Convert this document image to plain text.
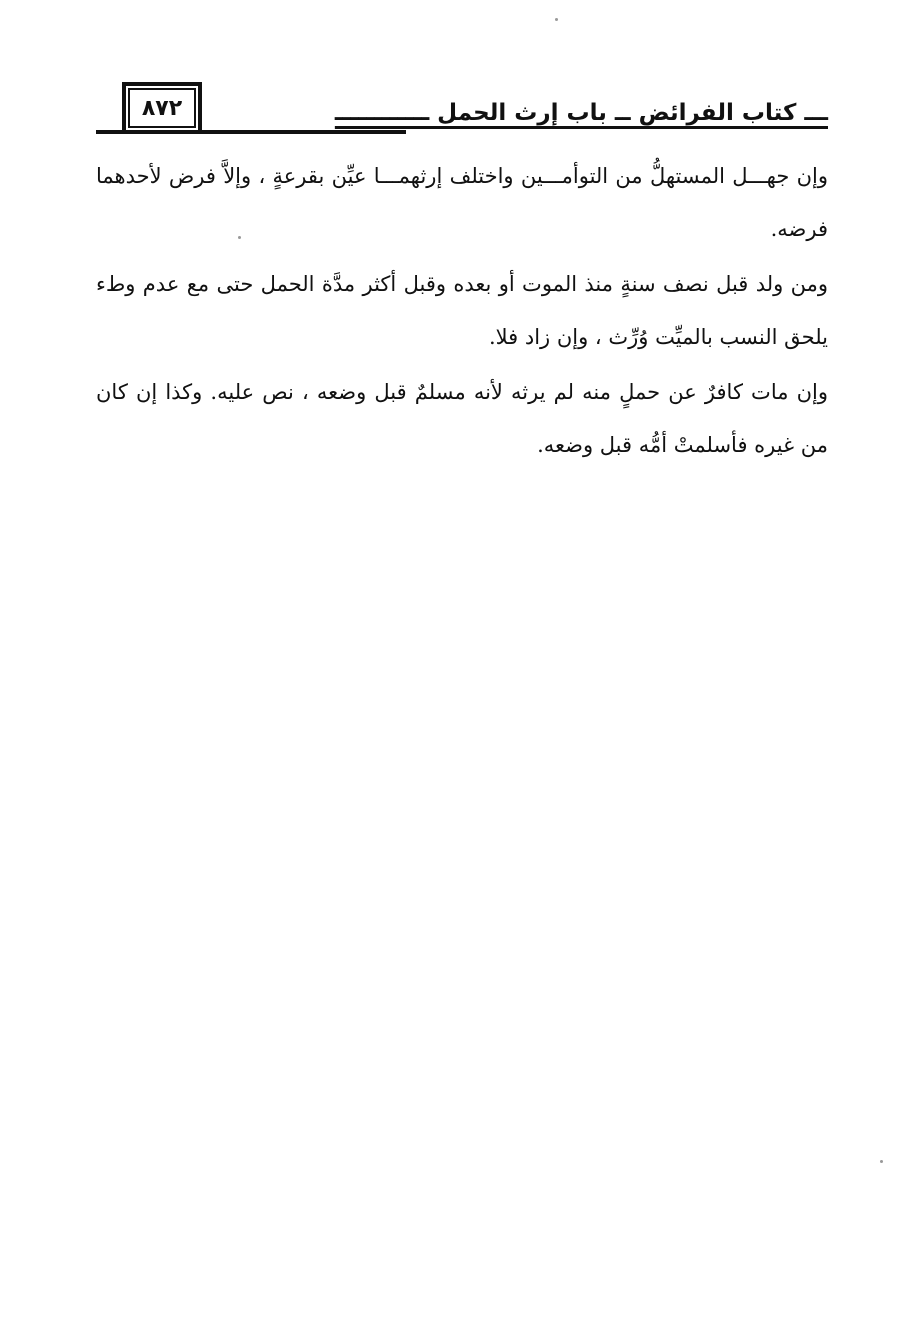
٨٧٢	ـــ كتاب الفرائض ــ باب إرث الحمل ــــــــــــ

وإن جهـــل المستهلُّ من التوأمـــين واختلف إرثهمـــا عيِّن بقرعةٍ ، وإلاَّ فرض لأحدهما فرضه.

ومن ولد قبل نصف سنةٍ منذ الموت أو بعده وقبل أكثر مدَّة الحمل حتى مع عدم وطء يلحق النسب بالميِّت وُرِّث ، وإن زاد فلا.

وإن مات كافرٌ عن حملٍ منه لم يرثه لأنه مسلمٌ قبل وضعه ، نص عليه. وكذا إن كان من غيره فأسلمتْ أمُّه قبل وضعه.
